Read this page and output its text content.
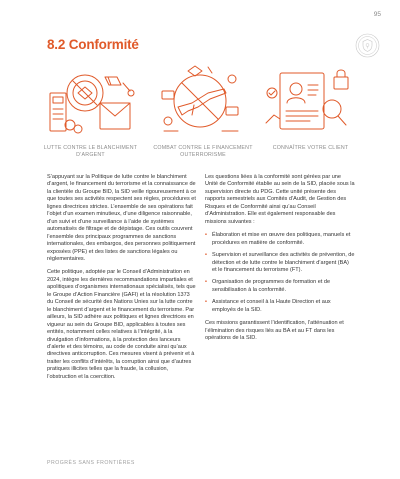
95
8.2 Conformité
LUTTE CONTRE LE BLANCHIMENT D’ARGENT
COMBAT CONTRE LE FINANCEMENT OUTERRORISME
CONNAÎTRE VOTRE CLIENT

S’appuyant sur la Politique de lutte contre le blanchiment d’argent, le financement du terrorisme et la connaissance de la clientèle du Groupe BID, la SID veille rigoureusement à ce que toutes ses activités respectent ses règles, procédures et lignes directrices strictes. L’ensemble de ses opérations fait l’objet d’un examen minutieux, d’une diligence raisonnable, d’un suivi et d’une surveillance à l’aide de systèmes automatisés de filtrage et de dépistage. Ces outils couvrent l’ensemble des principaux programmes de sanctions internationales, des embargos, des personnes politiquement exposées (PPE) et des listes de sanctions légales ou réglementaires.

Cette politique, adoptée par le Conseil d’Administration en 2024, intègre les dernières recommandations impartiales et apolitiques d’organismes internationaux spécialisés, tels que le Groupe d’Action Financière (GAFI) et la résolution 1373 du Conseil de sécurité des Nations Unies sur la lutte contre le blanchiment d’argent et le financement du terrorisme. Par ailleurs, la SID adhère aux politiques et lignes directrices en vigueur au sein du Groupe BID, applicables à toutes ses entités, notamment celles relatives à l’intégrité, à la divulgation d’informations, à la protection des lanceurs d’alerte et des témoins, au code de conduite ainsi qu’aux directives anticorruption. Ces mesures visent à prévenir et à traiter les conflits d’intérêts, la corruption ainsi que d’autres pratiques illicites telles que la fraude, la collusion, l’obstruction et la coercition.

Les questions liées à la conformité sont gérées par une Unité de Conformité établie au sein de la SID, placée sous la supervision directe du PDG. Cette unité présente des rapports semestriels aux Comités d’Audit, de Gestion des Risques et de Conformité ainsi qu’au Conseil d’Administration. Elle est également responsable des missions suivantes :

• Élaboration et mise en œuvre des politiques, manuels et procédures en matière de conformité.
• Supervision et surveillance des activités de prévention, de détection et de lutte contre le blanchiment d’argent (BA) et le financement du terrorisme (FT).
• Organisation de programmes de formation et de sensibilisation à la conformité.
• Assistance et conseil à la Haute Direction et aux employés de la SID.

Ces missions garantissent l’identification, l’atténuation et l’élimination des risques liés au BA et au FT dans les opérations de la SID.

PROGRÈS SANS FRONTIÈRES
